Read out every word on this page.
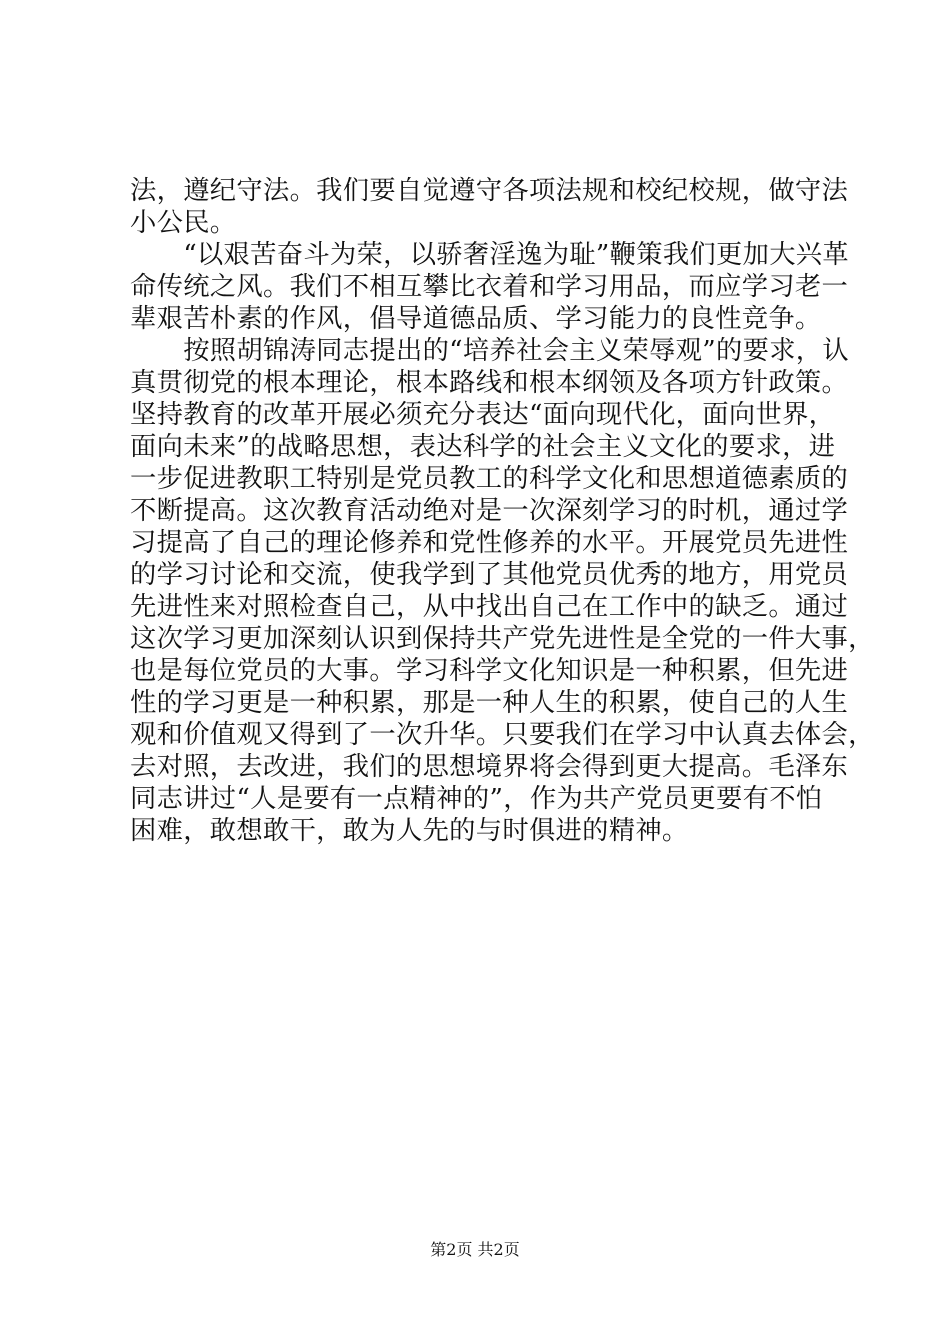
法，遵纪守法。我们要自觉遵守各项法规和校纪校规，做守法
小公民。
　　“以艰苦奋斗为荣，以骄奢淫逸为耻”鞭策我们更加大兴革
命传统之风。我们不相互攀比衣着和学习用品，而应学习老一
辈艰苦朴素的作风，倡导道德品质、学习能力的良性竞争。
　　按照胡锦涛同志提出的“培养社会主义荣辱观”的要求，认
真贯彻党的根本理论，根本路线和根本纲领及各项方针政策。
坚持教育的改革开展必须充分表达“面向现代化，面向世界，
面向未来”的战略思想，表达科学的社会主义文化的要求，进
一步促进教职工特别是党员教工的科学文化和思想道德素质的
不断提高。这次教育活动绝对是一次深刻学习的时机，通过学
习提高了自己的理论修养和党性修养的水平。开展党员先进性
的学习讨论和交流，使我学到了其他党员优秀的地方，用党员
先进性来对照检查自己，从中找出自己在工作中的缺乏。通过
这次学习更加深刻认识到保持共产党先进性是全党的一件大事，
也是每位党员的大事。学习科学文化知识是一种积累，但先进
性的学习更是一种积累，那是一种人生的积累，使自己的人生
观和价值观又得到了一次升华。只要我们在学习中认真去体会，
去对照，去改进，我们的思想境界将会得到更大提高。毛泽东
同志讲过“人是要有一点精神的”，作为共产党员更要有不怕
困难，敢想敢干，敢为人先的与时俱进的精神。
第2页 共2页
